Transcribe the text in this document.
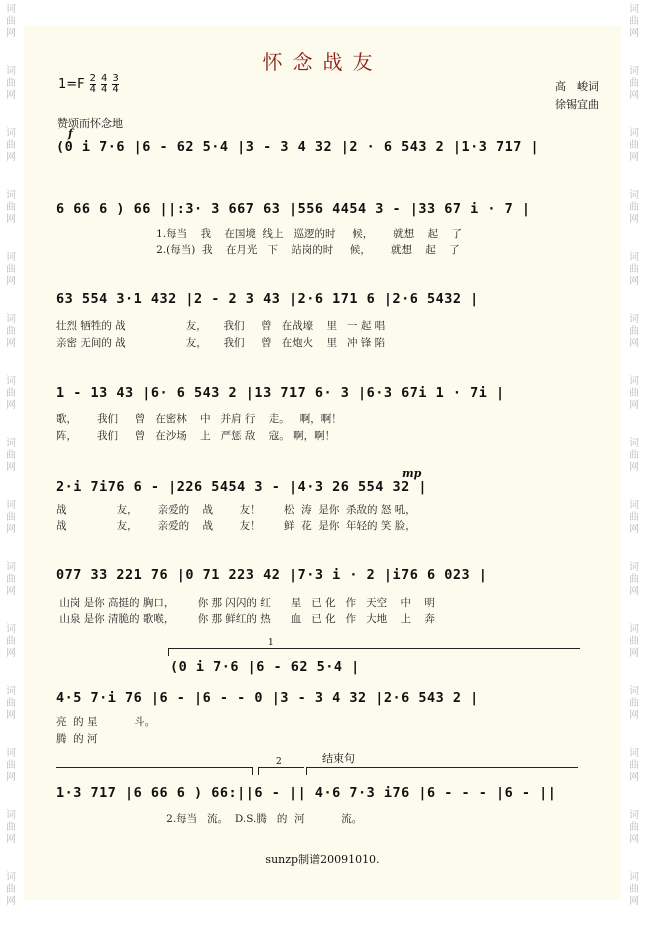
词
曲
网
词
曲
网
词
曲
网
词
曲
网
词
曲
网
词
曲
网
词
曲
网
词
曲
网
词
曲
网
词
曲
网
词
曲
网
词
曲
网
词
曲
网
词
曲
网
词
曲
网
词
曲
网
词
曲
网
词
曲
网
词
曲
网
词
曲
网
词
曲
网
词
曲
网
词
曲
网
词
曲
网
词
曲
网
词
曲
网
词
曲
网
词
曲
网
词
曲
网
词
曲
网
怀念战友
$1=F \frac{2}{4} \frac{4}{4} \frac{3}{4}$	高　峻词
徐锡宜曲
赞颂而怀念地
f
mp
(0 i 7·6 |6 - 62 5·4 |3 - 3 4 32 |2 · 6 543 2 |1·3 717 |
6 66 6 ) 66 ||:3· 3 667 63 |556 4454 3 - |33 67 i · 7 |
1.每当    我    在国境  线上   巡逻的时     候，      就想    起    了
2.(每当)  我    在月光   下    站岗的时     候，      就想    起    了
63 554 3·1 432 |2 - 2 3 43 |2·6 171 6 |2·6 5432 |
壮烈 牺牲的 战                  友，     我们     曾   在战壕    里   一 起 唱
亲密 无间的 战                  友，     我们     曾   在炮火    里   冲 锋 陷
1 - 13 43 |6· 6 543 2 |13 717 6· 3 |6·3 67i 1 · 7i |
歌，      我们     曾   在密林    中   并肩 行    走。   啊，啊！
阵，      我们     曾   在沙场    上   严惩 敌    寇。 啊，啊！
2·i 7i76 6 - |226 5454 3 - |4·3 26 554 32 |
战               友，      亲爱的    战        友！       松  涛  是你  杀敌的 怒 吼，
战               友，      亲爱的    战        友！       鲜  花  是你  年轻的 笑 脸，
077 33 221 76 |0 71 223 42 |7·3 i · 2 |i76 6 023 |
山岗 是你 高挺的 胸口，       你 那 闪闪的 红      星   已 化   作   天空    中    明
山泉 是你 清脆的 歌喉，       你 那 鲜红的 热      血   已 化   作   大地    上    奔
1
(0 i 7·6 |6 - 62 5·4 |
4·5 7·i 76 |6 - |6 - - 0 |3 - 3 4 32 |2·6 543 2 |
亮  的 星           斗。
腾  的 河
结束句
2
1·3 717 |6 66 6 ) 66:||6 - || 4·6 7·3 i76 |6 - - - |6 - ||
2.每当   流。  D.S.腾   的  河           流。
sunzp制谱20091010.
